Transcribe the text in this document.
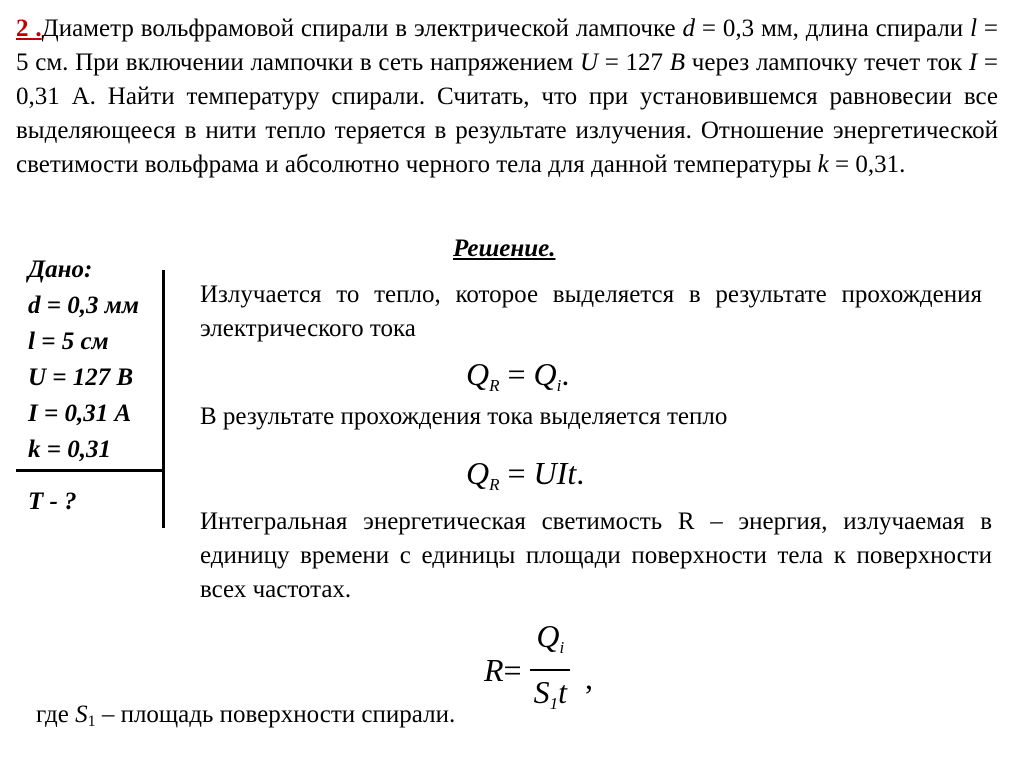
2 .Диаметр вольфрамовой спирали в электрической лампочке d = 0,3 мм, длина спирали l = 5 см. При включении лампочки в сеть напряжением U = 127 В через лампочку течет ток I = 0,31 А. Найти температуру спирали. Считать, что при установившемся равновесии все выделяющееся в нити тепло теряется в результате излучения. Отношение энергетической светимости вольфрама и абсолютно черного тела для данной температуры k = 0,31.
Дано:
d = 0,3 мм
l = 5 см
U = 127 В
I = 0,31 А
k = 0,31
T - ?
Решение.
Излучается то тепло, которое выделяется в результате прохождения электрического тока
$Q_R = Q_i$.
В результате прохождения тока выделяется тепло
$Q_R$ = UIt.
Интегральная энергетическая светимость R – энергия, излучаемая в единицу времени с единицы площади поверхности тела к поверхности всех частотах.
$R = \frac{Q_i}{S_1t}$ ,
где $S_1$ – площадь поверхности спирали.
